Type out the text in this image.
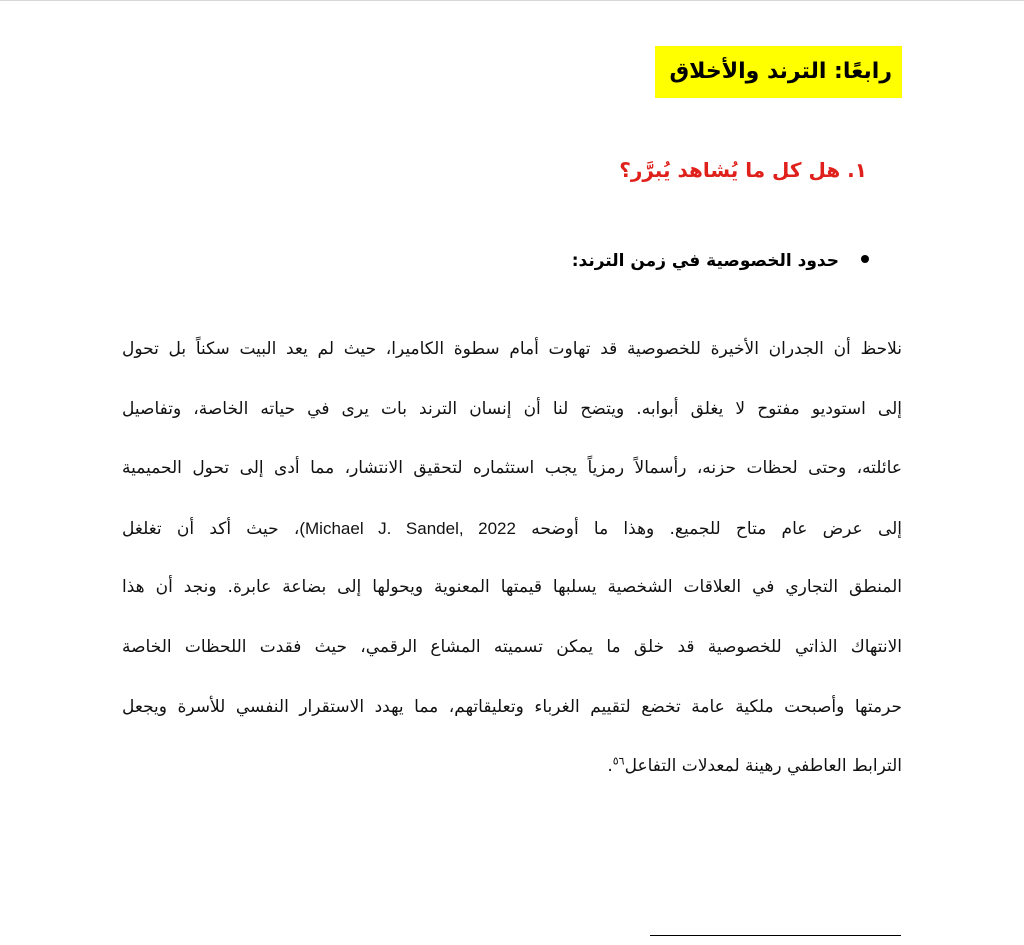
رابعًا: الترند والأخلاق
١. هل كل ما يُشاهد يُبرَّر؟
حدود الخصوصية في زمن الترند:
نلاحظ أن الجدران الأخيرة للخصوصية قد تهاوت أمام سطوة الكاميرا، حيث لم يعد البيت سكناً بل تحول
إلى استوديو مفتوح لا يغلق أبوابه. ويتضح لنا أن إنسان الترند بات يرى في حياته الخاصة، وتفاصيل
عائلته، وحتى لحظات حزنه، رأسمالاً رمزياً يجب استثماره لتحقيق الانتشار، مما أدى إلى تحول الحميمية
إلى عرض عام متاح للجميع. وهذا ما أوضحه (Michael J. Sandel, 2022، حيث أكد أن تغلغل
المنطق التجاري في العلاقات الشخصية يسلبها قيمتها المعنوية ويحولها إلى بضاعة عابرة. ونجد أن هذا
الانتهاك الذاتي للخصوصية قد خلق ما يمكن تسميته المشاع الرقمي، حيث فقدت اللحظات الخاصة
حرمتها وأصبحت ملكية عامة تخضع لتقييم الغرباء وتعليقاتهم، مما يهدد الاستقرار النفسي للأسرة ويجعل
الترابط العاطفي رهينة لمعدلات التفاعل$^{٥٦}$.
